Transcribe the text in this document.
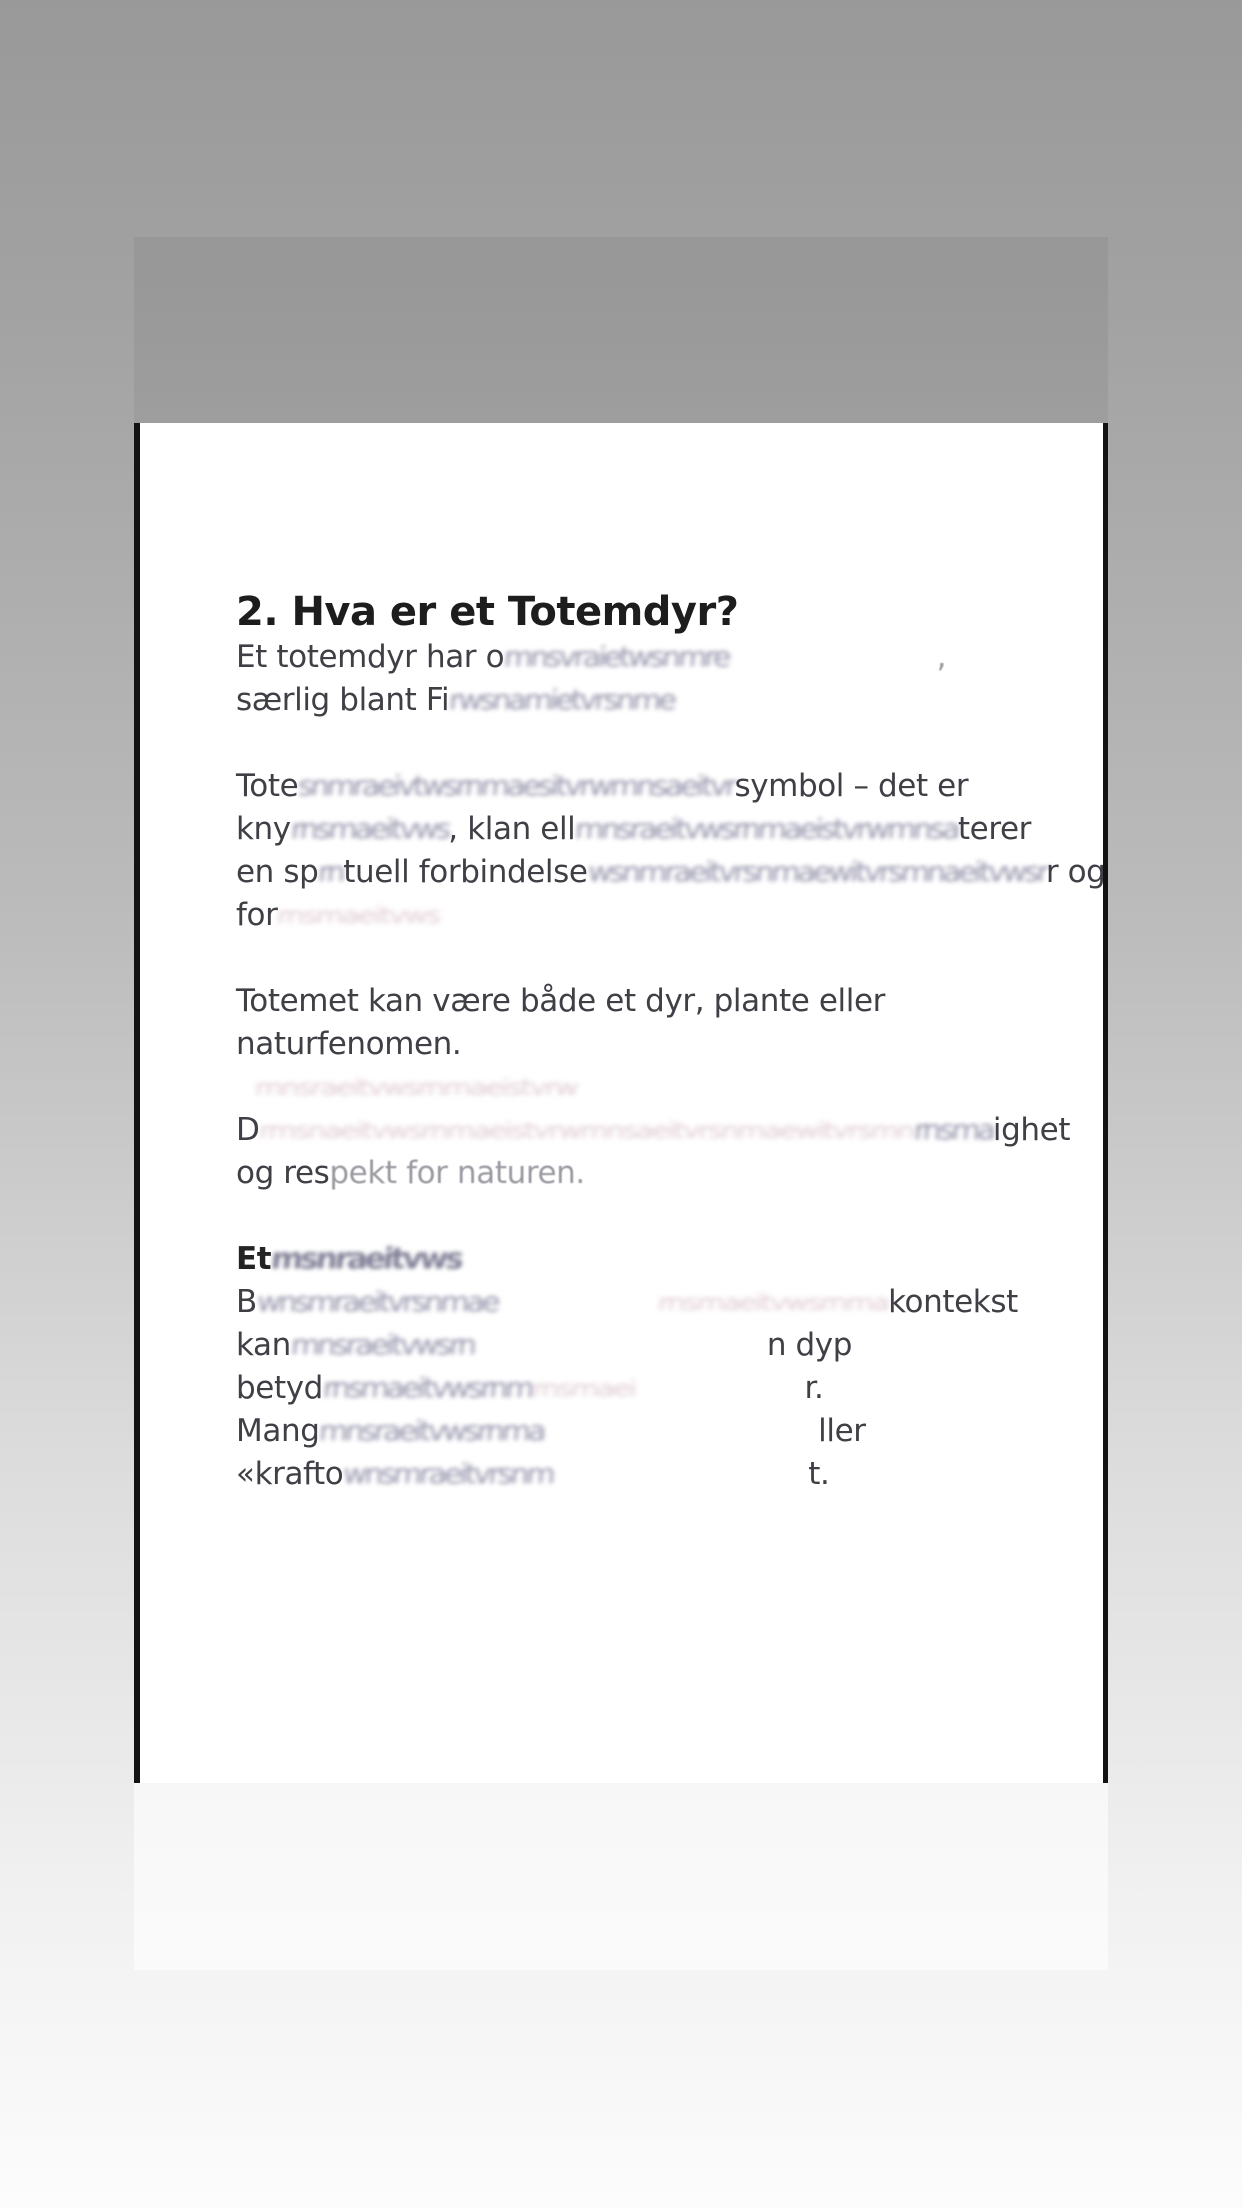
2. Hva er et Totemdyr?
Et totemdyr har omnsvraietwsnmre	,
særlig blant Firwsnamietvrsnme
Totesnmraeivtwsrnmaesitvrwmnsaeitvrsymbol – det er
knyrnsmaeitvws, klan ellmnsraeitvwsrnmaeistvrwmnsaterer
en sprntuell forbindelsewsnmraeitvrsnmaewitvrsmnaeitvwsrr og
forrnsmaeitvws
Totemet kan være både et dyr, plante eller
naturfenomen.
mnsraeitvwsrnmaeistvrw
Drmsnaeitvwsrnmaeistvrwmnsaeitvrsnmaewitvrsmnrnsmaighet
og respekt for naturen.
Etmsnraeitvws
Bwnsmraeitvrsnmae	rnsmaeitvwsrnmakontekst
kanmnsraeitvwsrn	n dyp
betydrnsmaeitvwsrnmrnsmaei	r.
Mangmnsraeitvwsrnma	ller
«kraftownsmraeitvrsnm	t.
